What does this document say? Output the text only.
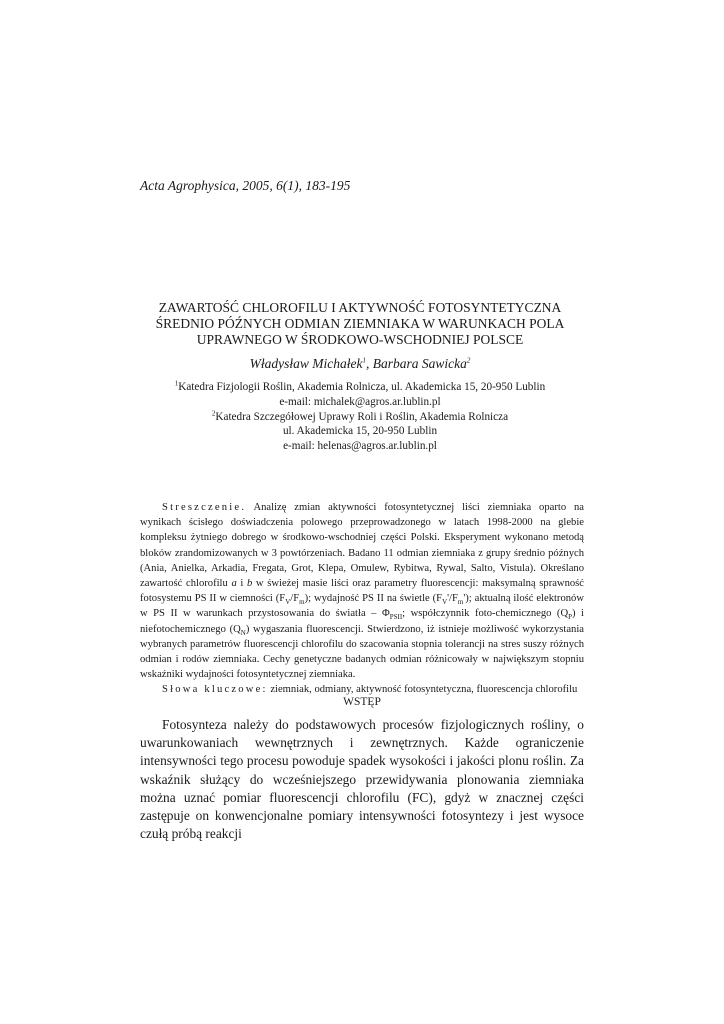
Acta Agrophysica, 2005, 6(1), 183-195
ZAWARTOŚĆ CHLOROFILU I AKTYWNOŚĆ FOTOSYNTETYCZNA
ŚREDNIO PÓŹNYCH ODMIAN ZIEMNIAKA W WARUNKACH POLA
UPRAWNEGO W ŚRODKOWO-WSCHODNIEJ POLSCE
Władysław Michałek$^1$, Barbara Sawicka$^2$
$^1$Katedra Fizjologii Roślin, Akademia Rolnicza, ul. Akademicka 15, 20-950 Lublin
e-mail: michalek@agros.ar.lublin.pl
$^2$Katedra Szczegółowej Uprawy Roli i Roślin, Akademia Rolnicza
ul. Akademicka 15, 20-950 Lublin
e-mail: helenas@agros.ar.lublin.pl

Streszczenie. Analizę zmian aktywności fotosyntetycznej liści ziemniaka oparto na wynikach ścisłego doświadczenia polowego przeprowadzonego w latach 1998-2000 na glebie kompleksu żytniego dobrego w środkowo-wschodniej części Polski. Eksperyment wykonano metodą bloków zrandomizowanych w 3 powtórzeniach. Badano 11 odmian ziemniaka z grupy średnio późnych (Ania, Anielka, Arkadia, Fregata, Grot, Klepa, Omulew, Rybitwa, Rywal, Salto, Vistula). Określano zawartość chlorofilu a i b w świeżej masie liści oraz parametry fluorescencji: maksymalną sprawność fotosystemu PS II w ciemności $(F_V/F_m)$; wydajność PS II na świetle $(F_V'/F_m')$; aktualną ilość elektronów w PS II w warunkach przystosowania do światła – $\Phi_{PSII}$; współczynnik foto-chemicznego $(Q_P)$ i niefotochemicznego $(Q_N)$ wygaszania fluorescencji. Stwierdzono, iż istnieje możliwość wykorzystania wybranych parametrów fluorescencji chlorofilu do szacowania stopnia tolerancji na stres suszy różnych odmian i rodów ziemniaka. Cechy genetyczne badanych odmian różnicowały w największym stopniu wskaźniki wydajności fotosyntetycznej ziemniaka.

Słowa kluczowe: ziemniak, odmiany, aktywność fotosyntetyczna, fluorescencja chlorofilu

WSTĘP

Fotosynteza należy do podstawowych procesów fizjologicznych rośliny, o uwarunkowaniach wewnętrznych i zewnętrznych. Każde ograniczenie intensywności tego procesu powoduje spadek wysokości i jakości plonu roślin. Za wskaźnik służący do wcześniejszego przewidywania plonowania ziemniaka można uznać pomiar fluorescencji chlorofilu (FC), gdyż w znacznej części zastępuje on konwencjonalne pomiary intensywności fotosyntezy i jest wysoce czułą próbą reakcji
